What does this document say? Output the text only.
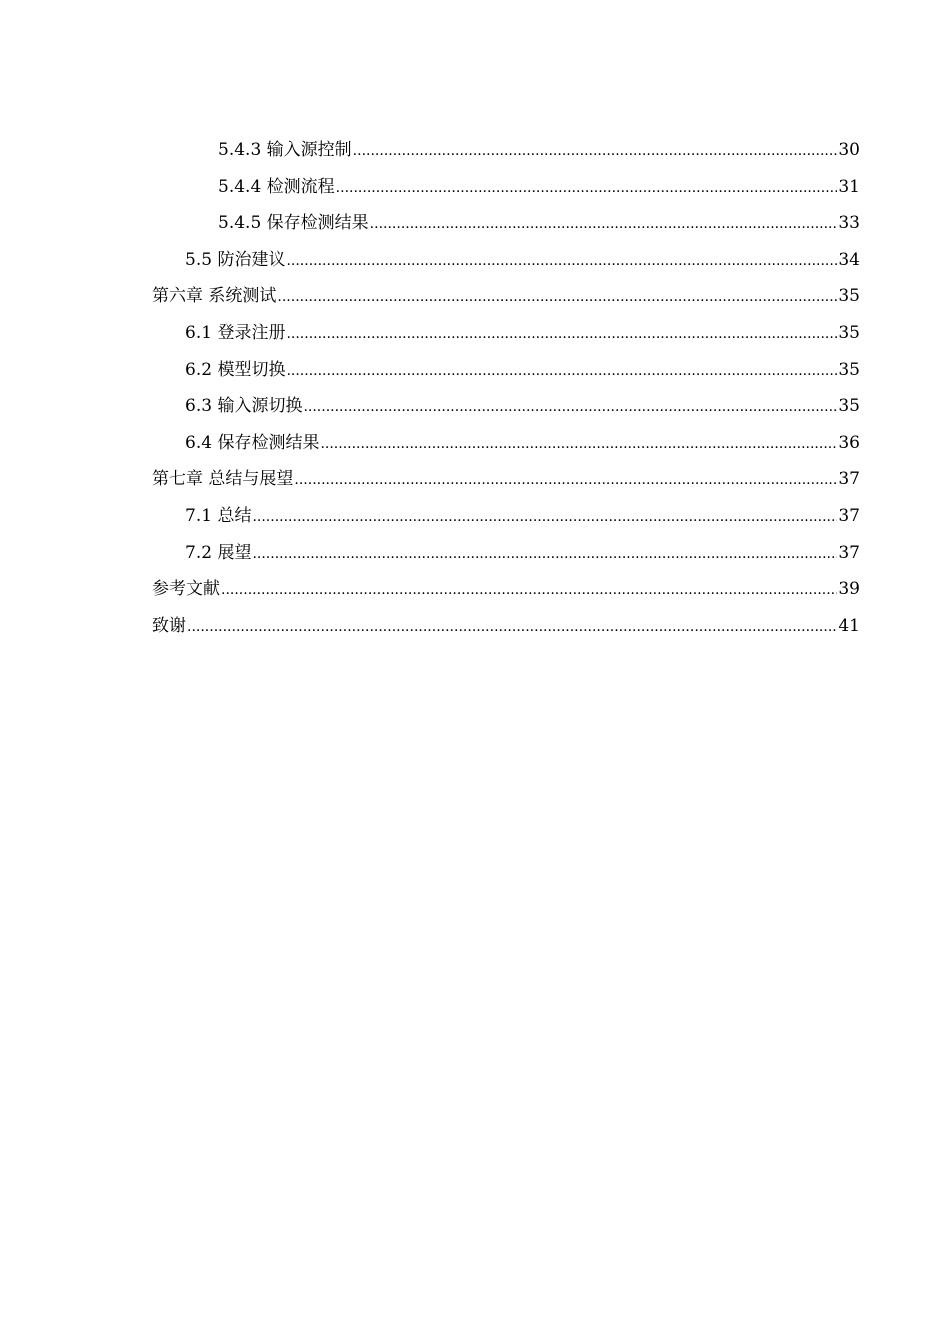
5.4.3 输入源控制 .....	30
5.4.4 检测流程 .....	31
5.4.5 保存检测结果 .....	33
5.5 防治建议 .....	34
第六章 系统测试 .....	35
6.1 登录注册 .....	35
6.2 模型切换 .....	35
6.3 输入源切换 .....	35
6.4 保存检测结果 .....	36
第七章 总结与展望 .....	37
7.1 总结 .....	37
7.2 展望 .....	37
参考文献 .....	39
致谢 .....	41
